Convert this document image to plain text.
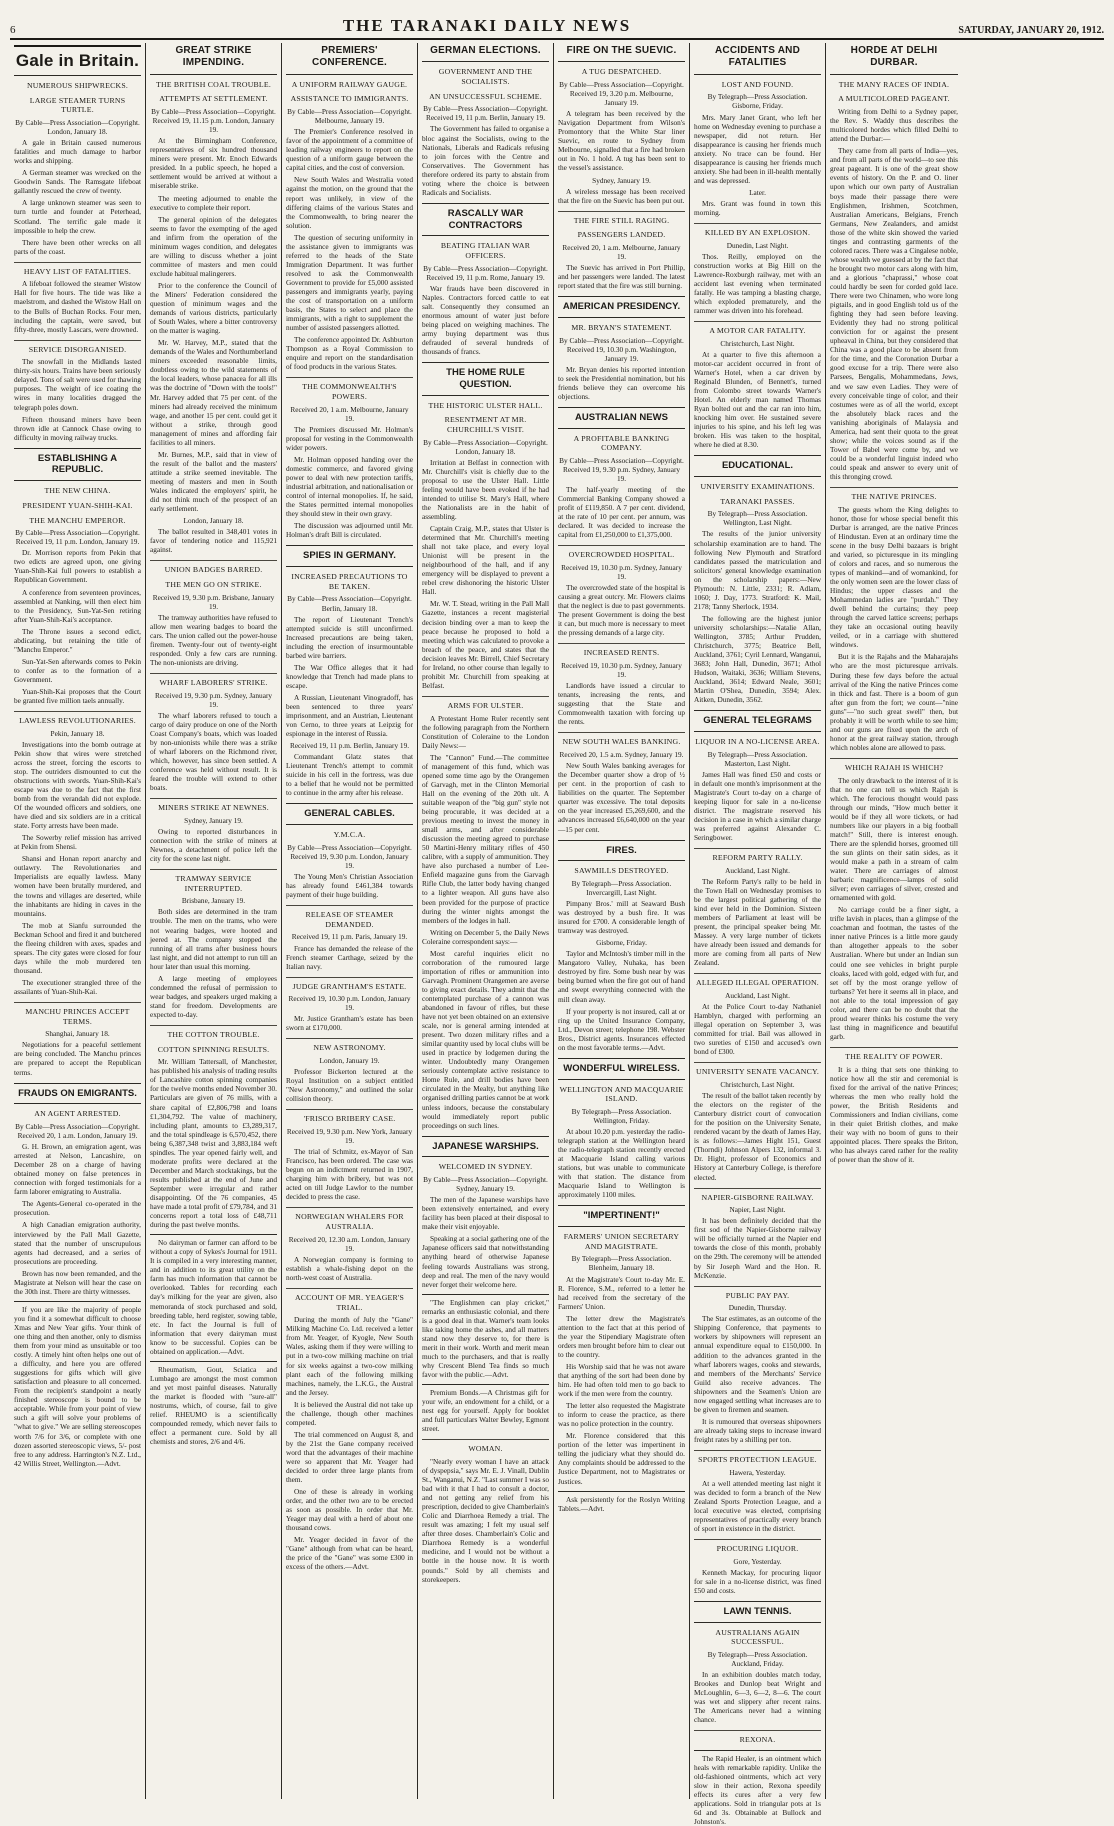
6	THE TARANAKI DAILY NEWS	SATURDAY, JANUARY 20, 1912.
Gale in Britain.
NUMEROUS SHIPWRECKS.
LARGE STEAMER TURNS TURTLE.
By Cable—Press Association—Copyright. London, January 18.
A gale in Britain caused numerous fatalities and much damage to harbor works and shipping.
A German steamer was wrecked on the Goodwin Sands. The Ramsgate lifeboat gallantly rescued the crew of twenty.
A large unknown steamer was seen to turn turtle and founder at Peterhead, Scotland. The terrific gale made it impossible to help the crew.
There have been other wrecks on all parts of the coast.
HEAVY LIST OF FATALITIES.
A lifeboat followed the steamer Wistow Hall for five hours. The tide was like a maelstrom, and dashed the Wistow Hall on to the Bulls of Buchan Rocks. Four men, including the captain, were saved, but fifty-three, mostly Lascars, were drowned.
SERVICE DISORGANISED.
The snowfall in the Midlands lasted thirty-six hours. Trains have been seriously delayed. Tons of salt were used for thawing purposes. The weight of ice coating the wires in many localities dragged the telegraph poles down.
Fifteen thousand miners have been thrown idle at Cannock Chase owing to difficulty in moving railway trucks.
ESTABLISHING A REPUBLIC.
THE NEW CHINA.
PRESIDENT YUAN-SHIH-KAI.
THE MANCHU EMPEROR.
By Cable—Press Association—Copyright. Received 19, 11 p.m. London, January 19.
Dr. Morrison reports from Pekin that two edicts are agreed upon, one giving Yuan-Shih-Kai full powers to establish a Republican Government.
A conference from seventeen provinces, assembled at Nanking, will then elect him to the Presidency, Sun-Yat-Sen retiring after Yuan-Shih-Kai's acceptance.
The Throne issues a second edict, abdicating, but retaining the title of "Manchu Emperor."
Sun-Yat-Sen afterwards comes to Pekin to confer as to the formation of a Government.
Yuan-Shih-Kai proposes that the Court be granted five million taels annually.
LAWLESS REVOLUTIONARIES.
Pekin, January 18.
Investigations into the bomb outrage at Pekin show that wires were stretched across the street, forcing the escorts to stop. The outriders dismounted to cut the obstructions with swords. Yuan-Shih-Kai's escape was due to the fact that the first bomb from the verandah did not explode. Of the wounded officers and soldiers, one have died and six soldiers are in a critical state. Forty arrests have been made.
The Sowerby relief mission has arrived at Pekin from Shensi.
Shansi and Honan report anarchy and outlawry. The Revolutionaries and Imperialists are equally lawless. Many women have been brutally murdered, and the towns and villages are deserted, while the inhabitants are hiding in caves in the mountains.
The mob at Sianfu surrounded the Beckman School and fired it and butchered the fleeing children with axes, spades and spears. The city gates were closed for four days while the mob murdered ten thousand.
The executioner strangled three of the assailants of Yuan-Shih-Kai.
MANCHU PRINCES ACCEPT TERMS.
Shanghai, January 18.
Negotiations for a peaceful settlement are being concluded. The Manchu princes are prepared to accept the Republican terms.
FRAUDS ON EMIGRANTS.
AN AGENT ARRESTED.
By Cable—Press Association—Copyright. Received 20, 1 a.m. London, January 19.
G. H. Brown, an emigration agent, was arrested at Nelson, Lancashire, on December 28 on a charge of having obtained money on false pretences in connection with forged testimonials for a farm laborer emigrating to Australia.
The Agents-General co-operated in the prosecution.
A high Canadian emigration authority, interviewed by the Pall Mall Gazette, stated that the number of unscrupulous agents had decreased, and a series of prosecutions are proceeding.
Brown has now been remanded, and the Magistrate at Nelson will hear the case on the 30th inst. There are thirty witnesses.
If you are like the majority of people you find it a somewhat difficult to choose Xmas and New Year gifts. Your think of one thing and then another, only to dismiss them from your mind as unsuitable or too costly. A timely hint often helps one out of a difficulty, and here you are offered suggestions for gifts which will give satisfaction and pleasure to all concerned. From the recipient's standpoint a neatly finished stereoscope is bound to be acceptable. While from your point of view such a gift will solve your problems of "what to give." We are selling stereoscopes worth 7/6 for 3/6, or complete with one dozen assorted stereoscopic views, 5/- post free to any address. Harrington's N.Z. Ltd., 42 Willis Street, Wellington.—Advt.
GREAT STRIKE IMPENDING.
THE BRITISH COAL TROUBLE.
ATTEMPTS AT SETTLEMENT.
By Cable—Press Association—Copyright. Received 19, 11.15 p.m. London, January 19.
At the Birmingham Conference, representatives of six hundred thousand miners were present. Mr. Enoch Edwards presided. In a public speech, he hoped a settlement would be arrived at without a miserable strike.
The meeting adjourned to enable the executive to complete their report.
The general opinion of the delegates seems to favor the exempting of the aged and infirm from the operation of the minimum wages condition, and delegates are willing to discuss whether a joint committee of masters and men could exclude habitual malingerers.
Prior to the conference the Council of the Miners' Federation considered the question of minimum wages and the demands of various districts, particularly of South Wales, where a bitter controversy on the matter is waging.
Mr. W. Harvey, M.P., stated that the demands of the Wales and Northumberland miners exceeded reasonable limits, doubtless owing to the wild statements of the local leaders, whose panacea for all ills was the doctrine of "Down with the tools!" Mr. Harvey added that 75 per cent. of the miners had already received the minimum wage, and another 15 per cent. could get it without a strike, through good management of mines and affording fair facilities to all miners.
Mr. Burnes, M.P., said that in view of the result of the ballot and the masters' attitude a strike seemed inevitable. The meeting of masters and men in South Wales indicated the employers' spirit, he did not think much of the prospect of an early settlement.
London, January 18.
The ballot resulted in 348,401 votes in favor of tendering notice and 115,921 against.
UNION BADGES BARRED.
THE MEN GO ON STRIKE.
Received 19, 9.30 p.m. Brisbane, January 19.
The tramway authorities have refused to allow men wearing badges to board the cars. The union called out the power-house firemen. Twenty-four out of twenty-eight responded. Only a few cars are running. The non-unionists are driving.
WHARF LABORERS' STRIKE.
Received 19, 9.30 p.m. Sydney, January 19.
The wharf laborers refused to touch a cargo of dairy produce on one of the North Coast Company's boats, which was loaded by non-unionists while there was a strike of wharf laborers on the Richmond river, which, however, has since been settled. A conference was held without result. It is feared the trouble will extend to other boats.
MINERS STRIKE AT NEWNES.
Sydney, January 19.
Owing to reported disturbances in connection with the strike of miners at Newnes, a detachment of police left the city for the scene last night.
TRAMWAY SERVICE INTERRUPTED.
Brisbane, January 19.
Both sides are determined in the tram trouble. The men on the trams, who were not wearing badges, were hooted and jeered at. The company stopped the running of all trams after business hours last night, and did not attempt to run till an hour later than usual this morning.
A large meeting of employees condemned the refusal of permission to wear badges, and speakers urged making a stand for freedom. Developments are expected to-day.
THE COTTON TROUBLE.
COTTON SPINNING RESULTS.
Mr. William Tattersall, of Manchester, has published his analysis of trading results of Lancashire cotton spinning companies for the twelve months ended November 30. Particulars are given of 76 mills, with a share capital of £2,806,798 and loans £1,304,792. The value of machinery, including plant, amounts to £3,289,317, and the total spindleage is 6,570,452, there being 6,387,348 twist and 3,883,184 weft spindles. The year opened fairly well, and moderate profits were declared at the December and March stocktakings, but the results published at the end of June and September were irregular and rather disappointing. Of the 76 companies, 45 have made a total profit of £79,784, and 31 concerns report a total loss of £48,711 during the past twelve months.
No dairyman or farmer can afford to be without a copy of Sykes's Journal for 1911. It is compiled in a very interesting manner, and in addition to its great utility on the farm has much information that cannot be overlooked. Tables for recording each day's milking for the year are given, also memoranda of stock purchased and sold, breeding table, herd register, sowing table, etc. In fact the Journal is full of information that every dairyman must know to be successful. Copies can be obtained on application.—Advt.
Rheumatism, Gout, Sciatica and Lumbago are amongst the most common and yet most painful diseases. Naturally the market is flooded with "sure-all" nostrums, which, of course, fail to give relief. RHEUMO is a scientifically compounded remedy, which never fails to effect a permanent cure. Sold by all chemists and stores, 2/6 and 4/6.
PREMIERS' CONFERENCE.
A UNIFORM RAILWAY GAUGE.
ASSISTANCE TO IMMIGRANTS.
By Cable—Press Association—Copyright. Melbourne, January 19.
The Premier's Conference resolved in favor of the appointment of a committee of leading railway engineers to report on the question of a uniform gauge between the capital cities, and the cost of conversion.
New South Wales and Westralia voted against the motion, on the ground that the report was unlikely, in view of the differing claims of the various States and the Commonwealth, to bring nearer the solution.
The question of securing uniformity in the assistance given to immigrants was referred to the heads of the State Immigration Department. It was further resolved to ask the Commonwealth Government to provide for £5,000 assisted passengers and immigrants yearly, paying the cost of transportation on a uniform basis, the States to select and place the immigrants, with a right to supplement the number of assisted passengers allotted.
The conference appointed Dr. Ashburton Thompson as a Royal Commission to enquire and report on the standardisation of food products in the various States.
THE COMMONWEALTH'S POWERS.
Received 20, 1 a.m. Melbourne, January 19.
The Premiers discussed Mr. Holman's proposal for vesting in the Commonwealth wider powers.
Mr. Holman opposed handing over the domestic commerce, and favored giving power to deal with new protection tariffs, industrial arbitration, and nationalisation or control of internal monopolies. If, he said, the States permitted internal monopolies they should stew in their own gravy.
The discussion was adjourned until Mr. Holman's draft Bill is circulated.
SPIES IN GERMANY.
INCREASED PRECAUTIONS TO BE TAKEN.
By Cable—Press Association—Copyright. Berlin, January 18.
The report of Lieutenant Trench's attempted suicide is still unconfirmed. Increased precautions are being taken, including the erection of insurmountable barbed wire barriers.
The War Office alleges that it had knowledge that Trench had made plans to escape.
A Russian, Lieutenant Vinogradoff, has been sentenced to three years' imprisonment, and an Austrian, Lieutenant von Cerno, to three years at Leipzig for espionage in the interest of Russia.
Received 19, 11 p.m. Berlin, January 19.
Commandant Glatz states that Lieutenant Trench's attempt to commit suicide in his cell in the fortress, was due to a belief that he would not be permitted to continue in the army after his release.
GENERAL CABLES.
Y.M.C.A.
By Cable—Press Association—Copyright. Received 19, 9.30 p.m. London, January 19.
The Young Men's Christian Association has already found £461,384 towards payment of their huge building.
RELEASE OF STEAMER DEMANDED.
Received 19, 11 p.m. Paris, January 19.
France has demanded the release of the French steamer Carthage, seized by the Italian navy.
JUDGE GRANTHAM'S ESTATE.
Received 19, 10.30 p.m. London, January 19.
Mr. Justice Grantham's estate has been sworn at £170,000.
NEW ASTRONOMY.
London, January 19.
Professor Bickerton lectured at the Royal Institution on a subject entitled "New Astronomy," and outlined the solar collision theory.
'FRISCO BRIBERY CASE.
Received 19, 9.30 p.m. New York, January 19.
The trial of Schmitz, ex-Mayor of San Francisco, has been ordered. The case was begun on an indictment returned in 1907, charging him with bribery, but was not acted on till Judge Lawlor to the number decided to press the case.
NORWEGIAN WHALERS FOR AUSTRALIA.
Received 20, 12.30 a.m. London, January 19.
A Norwegian company is forming to establish a whale-fishing depot on the north-west coast of Australia.
ACCOUNT OF MR. YEAGER'S TRIAL.
During the month of July the "Gane" Milking Machine Co. Ltd. received a letter from Mr. Yeager, of Kyogle, New South Wales, asking them if they were willing to put in a two-cow milking machine on trial for six weeks against a two-cow milking plant each of the following milking machines, namely, the L.K.G., the Austral and the Jersey.
It is believed the Austral did not take up the challenge, though other machines competed.
The trial commenced on August 8, and by the 21st the Gane company received word that the advantages of their machine were so apparent that Mr. Yeager had decided to order three large plants from them.
One of these is already in working order, and the other two are to be erected as soon as possible. In order that Mr. Yeager may deal with a herd of about one thousand cows.
Mr. Yeager decided in favor of the "Gane" although from what can be heard, the price of the "Gane" was some £300 in excess of the others.—Advt.
GERMAN ELECTIONS.
GOVERNMENT AND THE SOCIALISTS.
AN UNSUCCESSFUL SCHEME.
By Cable—Press Association—Copyright. Received 19, 11 p.m. Berlin, January 19.
The Government has failed to organise a bloc against the Socialists, owing to the Nationals, Liberals and Radicals refusing to join forces with the Centre and Conservatives. The Government has therefore ordered its party to abstain from voting where the choice is between Radicals and Socialists.
RASCALLY WAR CONTRACTORS
BEATING ITALIAN WAR OFFICERS.
By Cable—Press Association—Copyright. Received 19, 11 p.m. Rome, January 19.
War frauds have been discovered in Naples. Contractors forced cattle to eat salt. Consequently they consumed an enormous amount of water just before being placed on weighing machines. The army buying department was thus defrauded of several hundreds of thousands of francs.
THE HOME RULE QUESTION.
THE HISTORIC ULSTER HALL.
RESENTMENT AT MR. CHURCHILL'S VISIT.
By Cable—Press Association—Copyright. London, January 18.
Irritation at Belfast in connection with Mr. Churchill's visit is chiefly due to the proposal to use the Ulster Hall. Little feeling would have been evoked if he had intended to utilise St. Mary's Hall, where the Nationalists are in the habit of assembling.
Captain Craig, M.P., states that Ulster is determined that Mr. Churchill's meeting shall not take place, and every loyal Unionist will be present in the neighbourhood of the hall, and if any emergency will be displayed to prevent a rebel crew dishonoring the historic Ulster Hall.
Mr. W. T. Stead, writing in the Pall Mall Gazette, instances a recent magisterial decision binding over a man to keep the peace because he proposed to hold a meeting which was calculated to provoke a breach of the peace, and states that the decision leaves Mr. Birrell, Chief Secretary for Ireland, no other course than legally to prohibit Mr. Churchill from speaking at Belfast.
ARMS FOR ULSTER.
A Protestant Home Ruler recently sent the following paragraph from the Northern Constitution of Coleraine to the London Daily News:—
The "Cannon" Fund.—The committee of management of this fund, which was opened some time ago by the Orangemen of Garvagh, met in the Clinton Memorial Hall on the evening of the 20th ult. A suitable weapon of the "big gun" style not being procurable, it was decided at a previous meeting to invest the money in small arms, and after considerable discussion the meeting agreed to purchase 50 Martini-Henry military rifles of 450 calibre, with a supply of ammunition. They have also purchased a number of Lee-Enfield magazine guns from the Garvagh Rifle Club, the latter body having changed to a lighter weapon. All guns have also been provided for the purpose of practice during the winter nights amongst the members of the lodges in hall.
Writing on December 5, the Daily News Coleraine correspondent says:—
Most careful inquiries elicit no corroboration of the rumoured large importation of rifles or ammunition into Garvagh. Prominent Orangemen are averse to giving exact details. They admit that the contemplated purchase of a cannon was abandoned in favour of rifles, but these have not yet been obtained on an extensive scale, nor is general arming intended at present. Two dozen military rifles and a similar quantity used by local clubs will be used in practice by lodgemen during the winter. Undoubtedly many Orangemen seriously contemplate active resistance to Home Rule, and drill bodies have been circulated in the Mealty, but anything like organised drilling parties cannot be at work unless indoors, because the constabulary would immediately report public proceedings on such lines.
JAPANESE WARSHIPS.
WELCOMED IN SYDNEY.
By Cable—Press Association—Copyright. Sydney, January 19.
The men of the Japanese warships have been extensively entertained, and every facility has been placed at their disposal to make their visit enjoyable.
Speaking at a social gathering one of the Japanese officers said that notwithstanding anything heard of otherwise Japanese feeling towards Australians was strong, deep and real. The men of the navy would never forget their welcome here.
"The Englishmen can play cricket," remarks an enthusiastic colonial, and there is a good deal in that. Warner's team looks like taking home the ashes, and all matters stand now they deserve to, for there is merit in their work. Worth and merit mean much to the purchasers, and that is really why Crescent Blend Tea finds so much favor with the public.—Advt.
Premium Bonds.—A Christmas gift for your wife, an endowment for a child, or a nest egg for yourself. Apply for booklet and full particulars Walter Bewley, Egmont street.
WOMAN.
"Nearly every woman I have an attack of dyspepsia," says Mr. E. J. Vinall, Dublin St., Wanganui, N.Z. "Last summer I was so bad with it that I had to consult a doctor, and not getting any relief from his prescription, decided to give Chamberlain's Colic and Diarrhoea Remedy a trial. The result was amazing; I felt my usual self after three doses. Chamberlain's Colic and Diarrhoea Remedy is a wonderful medicine, and I would not be without a bottle in the house now. It is worth pounds." Sold by all chemists and storekeepers.
FIRE ON THE SUEVIC.
A TUG DESPATCHED.
By Cable—Press Association—Copyright. Received 19, 3.20 p.m. Melbourne, January 19.
A telegram has been received by the Navigation Department from Wilson's Promontory that the White Star liner Suevic, en route to Sydney from Melbourne, signalled that a fire had broken out in No. 1 hold. A tug has been sent to the vessel's assistance.
Sydney, January 19.
A wireless message has been received that the fire on the Suevic has been put out.
THE FIRE STILL RAGING.
PASSENGERS LANDED.
Received 20, 1 a.m. Melbourne, January 19.
The Suevic has arrived in Port Phillip, and her passengers were landed. The latest report stated that the fire was still burning.
AMERICAN PRESIDENCY.
MR. BRYAN'S STATEMENT.
By Cable—Press Association—Copyright. Received 19, 10.30 p.m. Washington, January 19.
Mr. Bryan denies his reported intention to seek the Presidential nomination, but his friends believe they can overcome his objections.
AUSTRALIAN NEWS
A PROFITABLE BANKING COMPANY.
By Cable—Press Association—Copyright. Received 19, 9.30 p.m. Sydney, January 19.
The half-yearly meeting of the Commercial Banking Company showed a profit of £119,850. A 7 per cent. dividend, at the rate of 10 per cent. per annum, was declared. It was decided to increase the capital from £1,250,000 to £1,375,000.
OVERCROWDED HOSPITAL.
Received 19, 10.30 p.m. Sydney, January 19.
The overcrowded state of the hospital is causing a great outcry. Mr. Flowers claims that the neglect is due to past governments. The present Government is doing the best it can, but much more is necessary to meet the pressing demands of a large city.
INCREASED RENTS.
Received 19, 10.30 p.m. Sydney, January 19.
Landlords have issued a circular to tenants, increasing the rents, and suggesting that the State and Commonwealth taxation with forcing up the rents.
NEW SOUTH WALES BANKING.
Received 20, 1.5 a.m. Sydney, January 19.
New South Wales banking averages for the December quarter show a drop of ½ per cent. in the proportion of cash to liabilities on the quarter. The September quarter was excessive. The total deposits on the year increased £5,269,600, and the advances increased £6,640,000 on the year—15 per cent.
FIRES.
SAWMILLS DESTROYED.
By Telegraph—Press Association. Invercargill, Last Night.
Pimpany Bros.' mill at Seaward Bush was destroyed by a bush fire. It was insured for £700. A considerable length of tramway was destroyed.
Gisborne, Friday.
Taylor and McIntosh's timber mill in the Mangatoro Valley, Nuhaka, has been destroyed by fire. Some bush near by was being burned when the fire got out of hand and swept everything connected with the mill clean away.
If your property is not insured, call at or ring up the United Insurance Company, Ltd., Devon street; telephone 198. Webster Bros., District agents. Insurances effected on the most favorable terms.—Advt.
WONDERFUL WIRELESS.
WELLINGTON AND MACQUARIE ISLAND.
By Telegraph—Press Association. Wellington, Friday.
At about 10.20 p.m. yesterday the radio-telegraph station at the Wellington heard the radio-telegraph station recently erected at Macquarie Island calling various stations, but was unable to communicate with that station. The distance from Macquarie Island to Wellington is approximately 1100 miles.
"IMPERTINENT!"
FARMERS' UNION SECRETARY AND MAGISTRATE.
By Telegraph—Press Association. Blenheim, January 18.
At the Magistrate's Court to-day Mr. E. R. Florence, S.M., referred to a letter he had received from the secretary of the Farmers' Union.
The letter drew the Magistrate's attention to the fact that at this period of the year the Stipendiary Magistrate often orders men brought before him to clear out to the country.
His Worship said that he was not aware that anything of the sort had been done by him. He had often told men to go back to work if the men were from the country.
The letter also requested the Magistrate to inform to cease the practice, as there was no police protection in the country.
Mr. Florence considered that this portion of the letter was impertinent in telling the judiciary what they should do. Any complaints should be addressed to the Justice Department, not to Magistrates or Justices.
Ask persistently for the Roslyn Writing Tablets.—Advt.
ACCIDENTS AND FATALITIES
LOST AND FOUND.
By Telegraph—Press Association. Gisborne, Friday.
Mrs. Mary Janet Grant, who left her home on Wednesday evening to purchase a newspaper, did not return. Her disappearance is causing her friends much anxiety. No trace can be found. Her disappearance is causing her friends much anxiety. She had been in ill-health mentally and was depressed.
Later.
Mrs. Grant was found in town this morning.
KILLED BY AN EXPLOSION.
Dunedin, Last Night.
Thos. Reilly, employed on the construction works at Big Hill on the Lawrence-Roxburgh railway, met with an accident last evening when terminated fatally. He was tamping a blasting charge, which exploded prematurely, and the rammer was driven into his forehead.
A MOTOR CAR FATALITY.
Christchurch, Last Night.
At a quarter to five this afternoon a motor-car accident occurred in front of Warner's Hotel, when a car driven by Reginald Blunden, of Bennett's, turned from Colombo street towards Warner's Hotel. An elderly man named Thomas Ryan bolted out and the car ran into him, knocking him over. He sustained severe injuries to his spine, and his left leg was broken. His was taken to the hospital, where he died at 8.30.
EDUCATIONAL.
UNIVERSITY EXAMINATIONS.
TARANAKI PASSES.
By Telegraph—Press Association. Wellington, Last Night.
The results of the junior university scholarship examination are to hand. The following New Plymouth and Stratford candidates passed the matriculation and solicitors' general knowledge examination on the scholarship papers:—New Plymouth: N. Little, 2331; R. Adlam, 1060; J. Day, 1773. Stratford: K. Mail, 2178; Tanny Sherlock, 1934.
The following are the highest junior university scholarships:—Natalie Allan, Wellington, 3785; Arthur Prudden, Christchurch, 3775; Beatrice Bell, Auckland, 3761; Cyril Lennard, Wanganui, 3683; John Hall, Dunedin, 3671; Athol Hudson, Waitaki, 3636; William Stevens, Auckland, 3614; Edward Neale, 3601; Martin O'Shea, Dunedin, 3594; Alex. Aitken, Dunedin, 3562.
GENERAL TELEGRAMS
LIQUOR IN A NO-LICENSE AREA.
By Telegraph—Press Association. Masterton, Last Night.
James Hall was fined £50 and costs or in default one month's imprisonment at the Magistrate's Court to-day on a charge of keeping liquor for sale in a no-license district. The magistrate reserved his decision in a case in which a similar charge was preferred against Alexander C. Seringbower.
REFORM PARTY RALLY.
Auckland, Last Night.
The Reform Party's rally to be held in the Town Hall on Wednesday promises to be the largest political gathering of the kind ever held in the Dominion. Sixteen members of Parliament at least will be present, the principal speaker being Mr. Massey. A very large number of tickets have already been issued and demands for more are coming from all parts of New Zealand.
ALLEGED ILLEGAL OPERATION.
Auckland, Last Night.
At the Police Court to-day Nathaniel Hamblyn, charged with performing an illegal operation on September 3, was committed for trial. Bail was allowed in two sureties of £150 and accused's own bond of £300.
UNIVERSITY SENATE VACANCY.
Christchurch, Last Night.
The result of the ballot taken recently by the electors on the register of the Canterbury district court of convocation for the position on the University Senate, rendered vacant by the death of James Hay, is as follows:—James Hight 151, Guest (Thorndi) Johnson Alpers 132, informal 3. Dr. Hight, professor of Economics and History at Canterbury College, is therefore elected.
NAPIER-GISBORNE RAILWAY.
Napier, Last Night.
It has been definitely decided that the first sod of the Napier-Gisborne railway will be officially turned at the Napier end towards the close of this month, probably on the 29th. The ceremony will be attended by Sir Joseph Ward and the Hon. R. McKenzie.
PUBLIC PAY PAY.
Dunedin, Thursday.
The Star estimates, as an outcome of the Shipping Conference, that payments to workers by shipowners will represent an annual expenditure equal to £150,000. In addition to the advances granted in the wharf laborers wages, cooks and stewards, and members of the Merchants' Service Guild also receive advances. The shipowners and the Seamen's Union are now engaged settling what increases are to be given to firemen and seamen.
It is rumoured that overseas shipowners are already taking steps to increase inward freight rates by a shilling per ton.
SPORTS PROTECTION LEAGUE.
Hawera, Yesterday.
At a well attended meeting last night it was decided to form a branch of the New Zealand Sports Protection League, and a local executive was elected, comprising representatives of practically every branch of sport in existence in the district.
PROCURING LIQUOR.
Gore, Yesterday.
Kenneth Mackay, for procuring liquor for sale in a no-license district, was fined £50 and costs.
LAWN TENNIS.
AUSTRALIANS AGAIN SUCCESSFUL.
By Telegraph—Press Association. Auckland, Friday.
In an exhibition doubles match today, Brookes and Dunlop beat Wright and McLoughlin, 6—3, 6—2, 8—6. The court was wet and slippery after recent rains. The Americans never had a winning chance.
REXONA.
The Rapid Healer, is an ointment which heals with remarkable rapidity. Unlike the old-fashioned ointments, which act very slow in their action, Rexona speedily effects its cures after a very few applications. Sold in triangular pots at 1s 6d and 3s. Obtainable at Bullock and Johnston's.
HORDE AT DELHI DURBAR.
THE MANY RACES OF INDIA.
A MULTICOLORED PAGEANT.
Writing from Delhi to a Sydney paper, the Rev. S. Waddy thus describes the multicolored hordes which filled Delhi to attend the Durbar:—
They came from all parts of India—yes, and from all parts of the world—to see this great pageant. It is one of the great show events of history. On the P. and O. liner upon which our own party of Australian boys made their passage there were Englishmen, Irishmen, Scotchmen, Australian Americans, Belgians, French Germans, New Zealanders, and amidst those of the white skin showed the varied tinges and contrasting garments of the colored races. There was a Cingalese noble, whose wealth we guessed at by the fact that he brought two motor cars along with him, and a glorious "chaprassi," whose coat could hardly be seen for corded gold lace. There were two Chinamen, who wore long pigtails, and in good English told us of the fighting they had seen before leaving. Evidently they had no strong political conviction for or against the present upheaval in China, but they considered that China was a good place to be absent from for the time, and the Coronation Durbar a good excuse for a trip. There were also Parsees, Bengalis, Mohammedans, Jews, and we saw even Ladies. They were of every conceivable tinge of color, and their costumes were as of all the world, except the absolutely black races and the vanishing aboriginals of Malaysia and America, had sent their quota to the great show; while the voices sound as if the Tower of Babel were come by, and we could be a wonderful linguist indeed who could speak and answer to every unit of this thronging crowd.
THE NATIVE PRINCES.
The guests whom the King delights to honor, those for whose special benefit this Durbar is arranged, are the native Princes of Hindustan. Even at an ordinary time the scene in the busy Delhi bazaars is bright and varied, so picturesque in its mingling of colors and races, and so numerous the types of mankind—and of womankind, for the only women seen are the lower class of Hindus; the upper classes and the Mohammedan ladies are "purdah." They dwell behind the curtains; they peep through the carved lattice screens; perhaps they take an occasional outing heavily veiled, or in a carriage with shuttered windows.
But it is the Rajahs and the Maharajahs who are the most picturesque arrivals. During these few days before the actual arrival of the King the native Princes come in thick and fast. There is a boom of gun after gun from the fort; we count—"nine guns"—"no such great swell" then, but probably it will be worth while to see him; and our guns are fixed upon the arch of honor at the great railway station, through which nobles alone are allowed to pass.
WHICH RAJAH IS WHICH?
The only drawback to the interest of it is that no one can tell us which Rajah is which. The ferocious thought would pass through our minds, "How much better it would be if they all wore tickets, or had numbers like our players in a big football match!" Still, there is interest enough. There are the splendid horses, groomed till the sun glints on their satin sides, as it would make a path in a stream of calm water. There are carriages of almost barbaric magnificence—lamps of solid silver; even carriages of silver, crested and ornamented with gold.
No carriage could be a finer sight, a trifle lavish in places, than a glimpse of the coachman and footman, the tastes of the inner native Princes is a little more gaudy than altogether appeals to the sober Australian. Where but under an Indian sun could one see vehicles in bright purple cloaks, laced with gold, edged with fur, and set off by the most orange yellow of turbans? Yet here it seems all in place, and not able to the total impression of gay color, and there can be no doubt that the proud wearer thinks his costume the very last thing in magnificence and beautiful garb.
THE REALITY OF POWER.
It is a thing that sets one thinking to notice how all the stir and ceremonial is fixed for the arrival of the native Princes; whereas the men who really hold the power, the British Residents and Commissioners and Indian civilians, come in their quiet British clothes, and make their way with no boom of guns to their appointed places. There speaks the Briton, who has always cared rather for the reality of power than the show of it.
